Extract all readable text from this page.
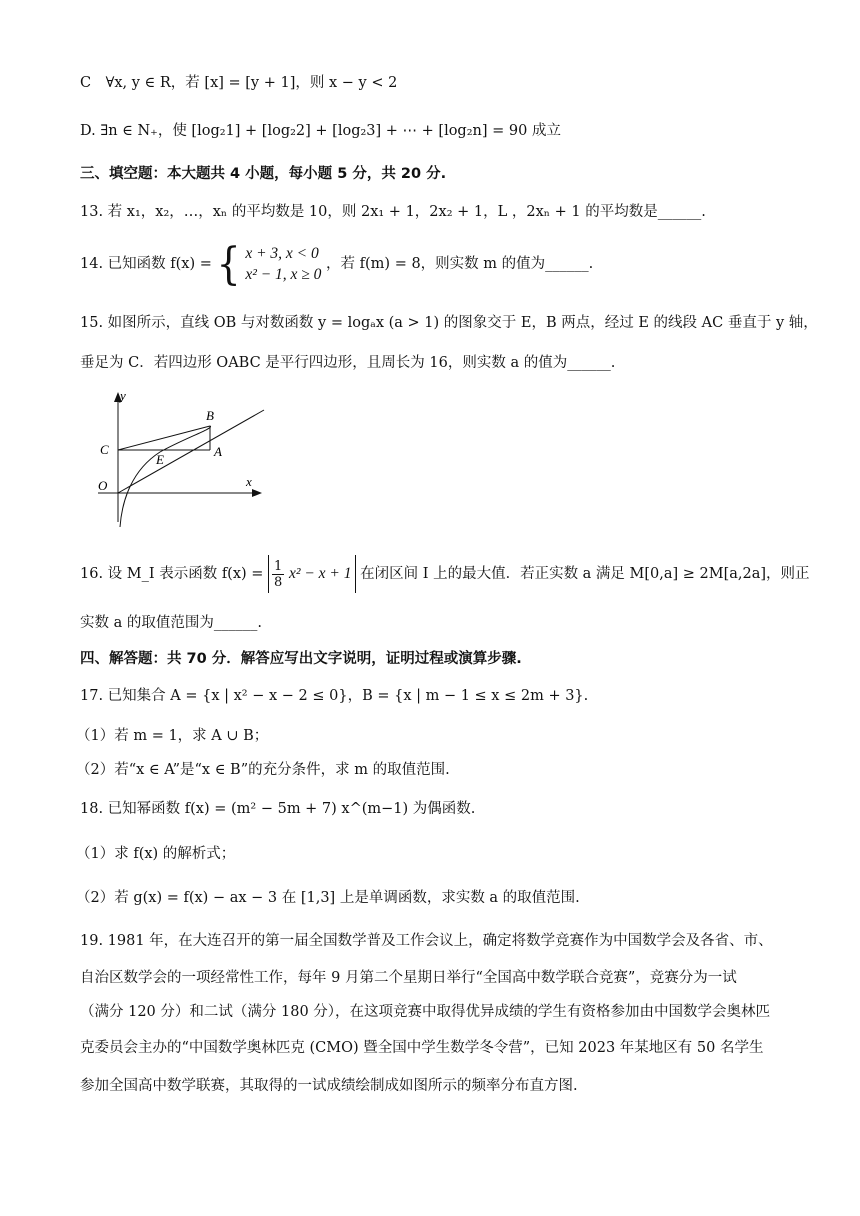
C　∀x, y ∈ R，若 [x] = [y + 1]，则 x − y < 2
D. ∃n ∈ N₊，使 [log₂1] + [log₂2] + [log₂3] + ⋯ + [log₂n] = 90 成立
三、填空题：本大题共 4 小题，每小题 5 分，共 20 分.
13. 若 x₁，x₂，…，xₙ 的平均数是 10，则 2x₁ + 1，2x₂ + 1，L ，2xₙ + 1 的平均数是______.
14. 已知函数 f(x) = { x + 3, x < 0
x² − 1, x ≥ 0
，若 f(m) = 8，则实数 m 的值为______.
15. 如图所示，直线 OB 与对数函数 y = logₐx (a > 1) 的图象交于 E，B 两点，经过 E 的线段 AC 垂直于 y 轴，
垂足为 C．若四边形 OABC 是平行四边形，且周长为 16，则实数 a 的值为______.
y
x
O
B
C	A
E
16. 设 M_I 表示函数 $f(x) = \frac{1}{8} x^2 - x + 1$ 在闭区间 I 上的最大值．若正实数 a 满足 M[0,a] ≥ 2M[a,2a]，则正
实数 a 的取值范围为______.
四、解答题：共 70 分．解答应写出文字说明，证明过程或演算步骤.
17. 已知集合 A = {x | x² − x − 2 ≤ 0}，B = {x | m − 1 ≤ x ≤ 2m + 3}.
（1）若 m = 1，求 A ∪ B；
（2）若“x ∈ A”是“x ∈ B”的充分条件，求 m 的取值范围.
18. 已知幂函数 f(x) = (m² − 5m + 7) x^(m−1) 为偶函数.
（1）求 f(x) 的解析式；
（2）若 g(x) = f(x) − ax − 3 在 [1,3] 上是单调函数，求实数 a 的取值范围.
19. 1981 年，在大连召开的第一届全国数学普及工作会议上，确定将数学竞赛作为中国数学会及各省、市、
自治区数学会的一项经常性工作，每年 9 月第二个星期日举行“全国高中数学联合竞赛”，竞赛分为一试
（满分 120 分）和二试（满分 180 分），在这项竞赛中取得优异成绩的学生有资格参加由中国数学会奥林匹
克委员会主办的“中国数学奥林匹克 (CMO) 暨全国中学生数学冬令营”，已知 2023 年某地区有 50 名学生
参加全国高中数学联赛，其取得的一试成绩绘制成如图所示的频率分布直方图.
